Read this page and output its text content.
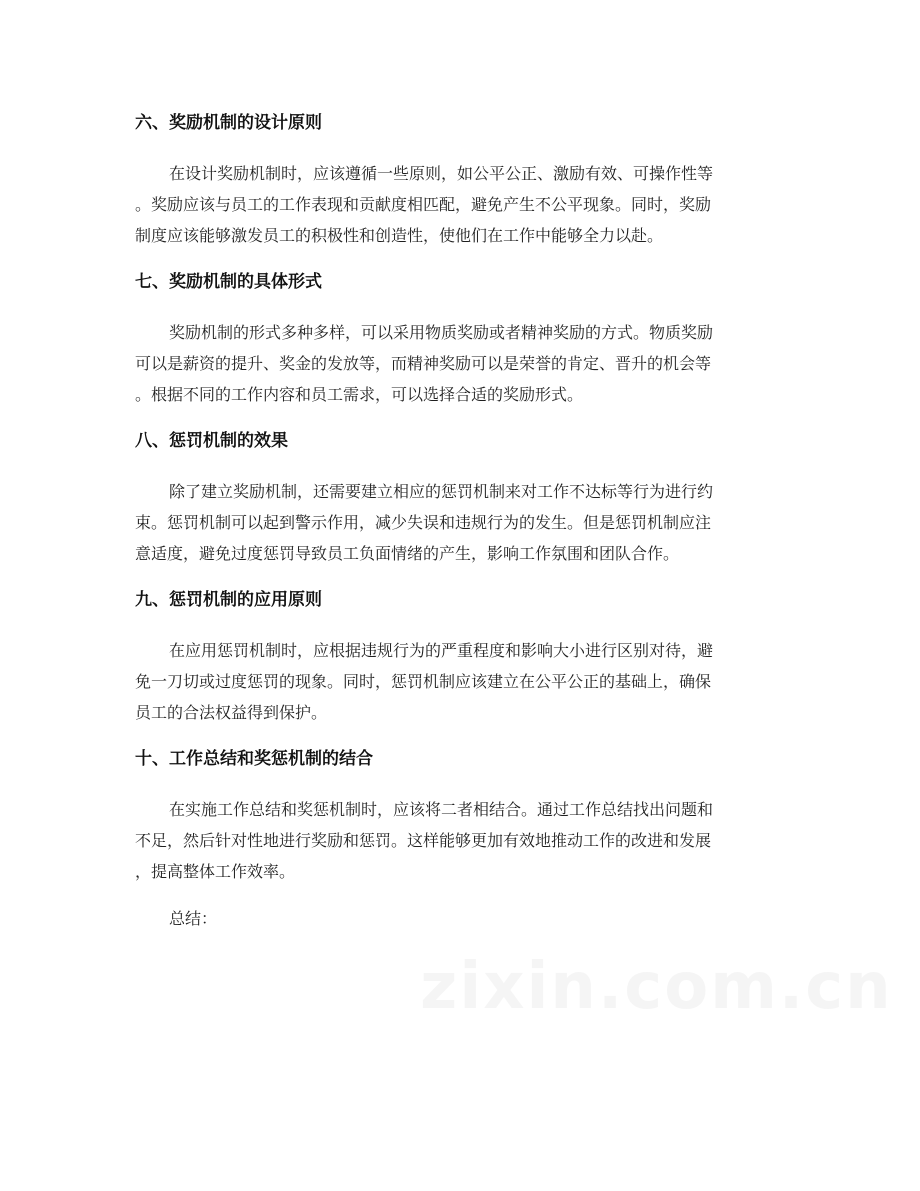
六、奖励机制的设计原则

在设计奖励机制时，应该遵循一些原则，如公平公正、激励有效、可操作性等
。奖励应该与员工的工作表现和贡献度相匹配，避免产生不公平现象。同时，奖励
制度应该能够激发员工的积极性和创造性，使他们在工作中能够全力以赴。

七、奖励机制的具体形式

奖励机制的形式多种多样，可以采用物质奖励或者精神奖励的方式。物质奖励
可以是薪资的提升、奖金的发放等，而精神奖励可以是荣誉的肯定、晋升的机会等
。根据不同的工作内容和员工需求，可以选择合适的奖励形式。

八、惩罚机制的效果

除了建立奖励机制，还需要建立相应的惩罚机制来对工作不达标等行为进行约
束。惩罚机制可以起到警示作用，减少失误和违规行为的发生。但是惩罚机制应注
意适度，避免过度惩罚导致员工负面情绪的产生，影响工作氛围和团队合作。

九、惩罚机制的应用原则

在应用惩罚机制时，应根据违规行为的严重程度和影响大小进行区别对待，避
免一刀切或过度惩罚的现象。同时，惩罚机制应该建立在公平公正的基础上，确保
员工的合法权益得到保护。

十、工作总结和奖惩机制的结合

在实施工作总结和奖惩机制时，应该将二者相结合。通过工作总结找出问题和
不足，然后针对性地进行奖励和惩罚。这样能够更加有效地推动工作的改进和发展
，提高整体工作效率。

总结：

zixin.com.cn
